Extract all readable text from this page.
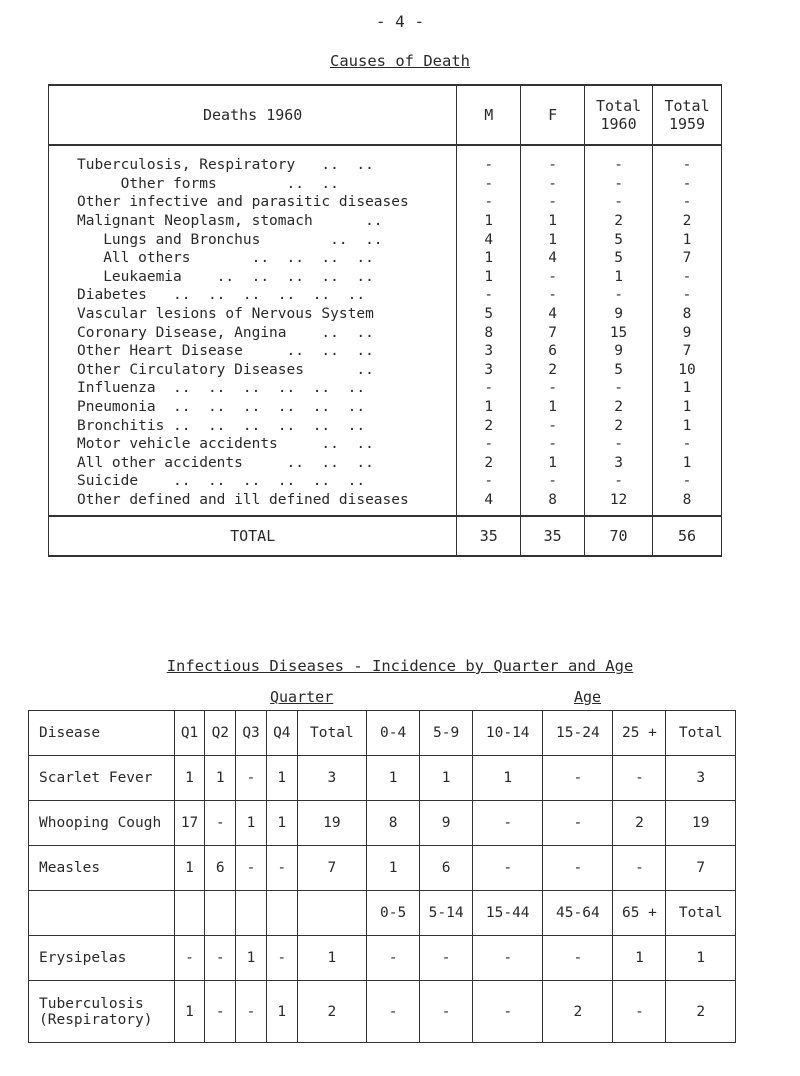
- 4 -
Causes of Death
Deaths 1960	M	F	Total 1960	Total 1959
Tuberculosis, Respiratory   ..  ..	-	-	-	-
Other forms        ..  ..	-	-	-	-
Other infective and parasitic diseases	-	-	-	-
Malignant Neoplasm, stomach      ..	1	1	2	2
Lungs and Bronchus        ..  ..	4	1	5	1
All others       ..  ..  ..  ..	1	4	5	7
Leukaemia    ..  ..  ..  ..  ..	1	-	1	-
Diabetes   ..  ..  ..  ..  ..  ..	-	-	-	-
Vascular lesions of Nervous System	5	4	9	8
Coronary Disease, Angina    ..  ..	8	7	15	9
Other Heart Disease     ..  ..  ..	3	6	9	7
Other Circulatory Diseases      ..	3	2	5	10
Influenza  ..  ..  ..  ..  ..  ..	-	-	-	1
Pneumonia  ..  ..  ..  ..  ..  ..	1	1	2	1
Bronchitis ..  ..  ..  ..  ..  ..	2	-	2	1
Motor vehicle accidents     ..  ..	-	-	-	-
All other accidents     ..  ..  ..	2	1	3	1
Suicide    ..  ..  ..  ..  ..  ..	-	-	-	-
Other defined and ill defined diseases	4	8	12	8
TOTAL	35	35	70	56
Infectious Diseases - Incidence by Quarter and Age
Quarter	Age
Disease	Q1	Q2	Q3	Q4	Total	0-4	5-9	10-14	15-24	25 +	Total
Scarlet Fever	1	1	-	1	3	1	1	1	-	-	3
Whooping Cough	17	-	1	1	19	8	9	-	-	2	19
Measles	1	6	-	-	7	1	6	-	-	-	7
						0-5	5-14	15-44	45-64	65 +	Total
Erysipelas	-	-	1	-	1	-	-	-	-	1	1
Tuberculosis
(Respiratory)	1	-	-	1	2	-	-	-	2	-	2
